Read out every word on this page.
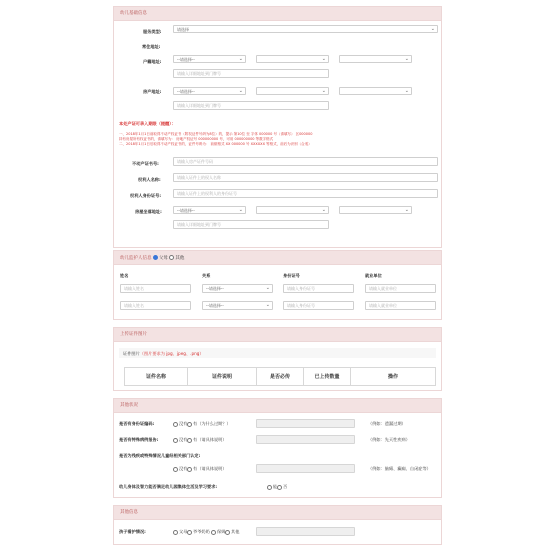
幼儿基础信息
服务类型:	请选择	⌄
常住地址:
户籍地址:	--请选择--	⌄	⌄	⌄
请输入详细地址到门牌号
房产地址:	--请选择--	⌄	⌄	⌄
请输入详细地址到门牌号
本处产证可录入期限（提醒）：
一、2018年1月1日前取得不动产权证书（附权证件号码为8位）的，提示 第10位 至 字体 000000 号（请填写） 区000000
持有房屋所有权证书的，请填写为： 房地产权证号 000000000 号，可用 000000000 等数字格式
二、2018年1月1日后取得不动产权证书的，证件号码为： 前缀格式 XX 000000 号 XXXXXX 等格式，前后为识别（合适）
不动产证书号:	请输入房产证件号码
权利人名称:	请输入证件上的权人名称
权利人身份证号:	请输入证件上的权利人的身份证号
房屋坐落地址:	--请选择--	⌄	⌄	⌄
请输入详细地址到门牌号
幼儿监护人信息 父母 其他
姓名	关系	身份证号	就业单位
请输入姓名	--请选择--	⌄	请输入身份证号	请输入就业单位
请输入姓名	--请选择--	⌄	请输入身份证号	请输入就业单位
上传证件图片
证件图片（图片要求为 jpg、jpeg、.png）
证件名称	证件说明	是否必传	已上传数量	操作
其他状况
是否有身份证编码:	没有	有（为什么过期？）	（例如：遗漏过期）
是否有特殊病例报告:	没有	有（请具体说明）	（例如：先天性疾病）
是否为残疾或特殊情况儿童经相关部门认定:
没有	有（请具体说明）	（例如：脑瘫、癫痫、自闭症等）
幼儿身体及智力能否满足幼儿园集体生活及学习要求:	能	否
其他信息
孩子看护情况:	父母	爷爷奶奶	保姆	其他
